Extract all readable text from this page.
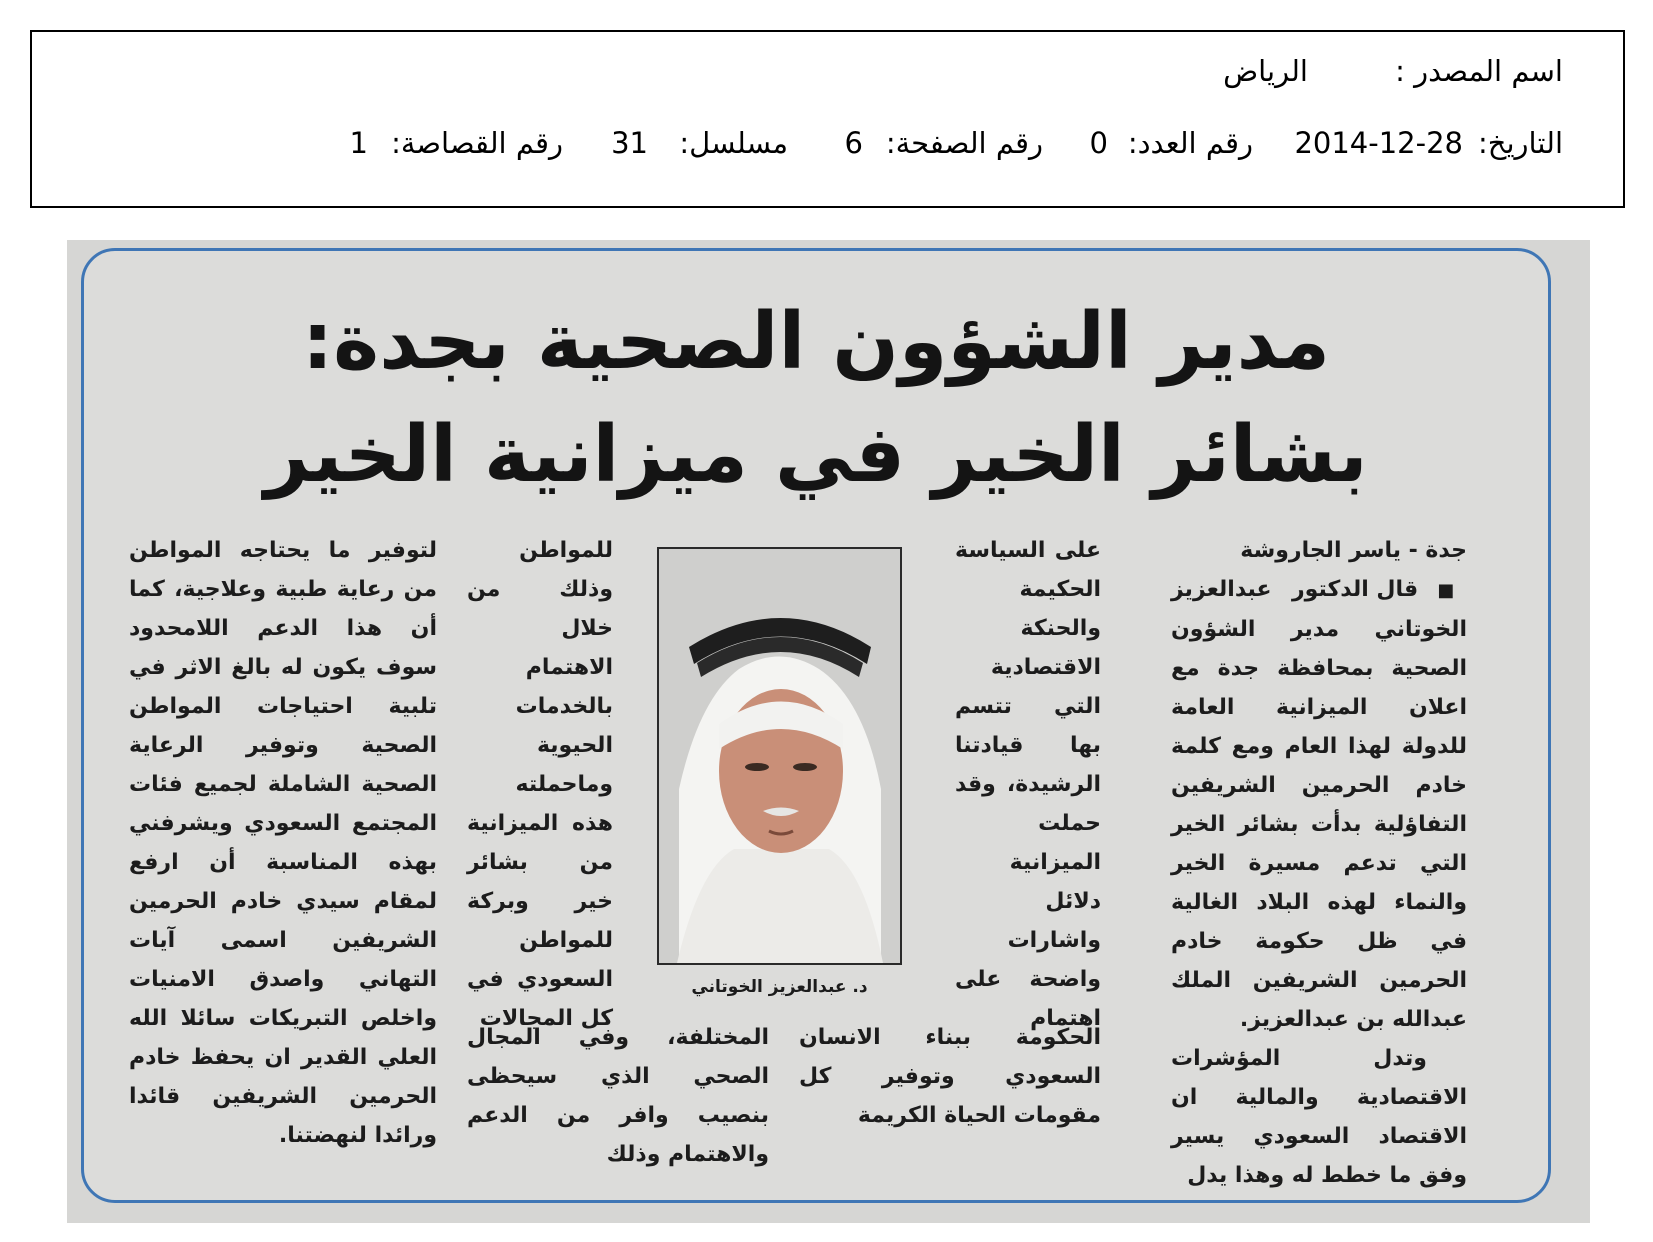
اسم المصدر :
الرياض
التاريخ:
2014-12-28
رقم العدد:
0
رقم الصفحة:
6
مسلسل:
31
رقم القصاصة:
1
مدير الشؤون الصحية بجدة:
بشائر الخير في ميزانية الخير

جدة - ياسر الجاروشة

■ قال الدكتور عبدالعزيز الخوتاني مدير الشؤون الصحية بمحافظة جدة مع اعلان الميزانية العامة للدولة لهذا العام ومع كلمة خادم الحرمين الشريفين التفاؤلية بدأت بشائر الخير التي تدعم مسيرة الخير والنماء لهذه البلاد الغالية في ظل حكومة خادم الحرمين الشريفين الملك عبدالله بن عبدالعزيز.

وتدل المؤشرات الاقتصادية والمالية ان الاقتصاد السعودي يسير وفق ما خطط له وهذا يدل

على السياسة الحكيمة والحنكة الاقتصادية التي تتسم بها قيادتنا الرشيدة، وقد حملت الميزانية دلائل واشارات واضحة على اهتمام

للمواطن وذلك من خلال الاهتمام بالخدمات الحيوية وماحملته هذه الميزانية من بشائر خير وبركة للمواطن السعودي في كل المجالات

د. عبدالعزيز الخوتاني

الحكومة ببناء الانسان السعودي وتوفير كل مقومات الحياة الكريمة

المختلفة، وفي المجال الصحي الذي سيحظى بنصيب وافر من الدعم والاهتمام وذلك

لتوفير ما يحتاجه المواطن من رعاية طبية وعلاجية، كما أن هذا الدعم اللامحدود سوف يكون له بالغ الاثر في تلبية احتياجات المواطن الصحية وتوفير الرعاية الصحية الشاملة لجميع فئات المجتمع السعودي ويشرفني بهذه المناسبة أن ارفع لمقام سيدي خادم الحرمين الشريفين اسمى آيات التهاني واصدق الامنيات واخلص التبريكات سائلا الله العلي القدير ان يحفظ خادم الحرمين الشريفين قائدا ورائدا لنهضتنا.
